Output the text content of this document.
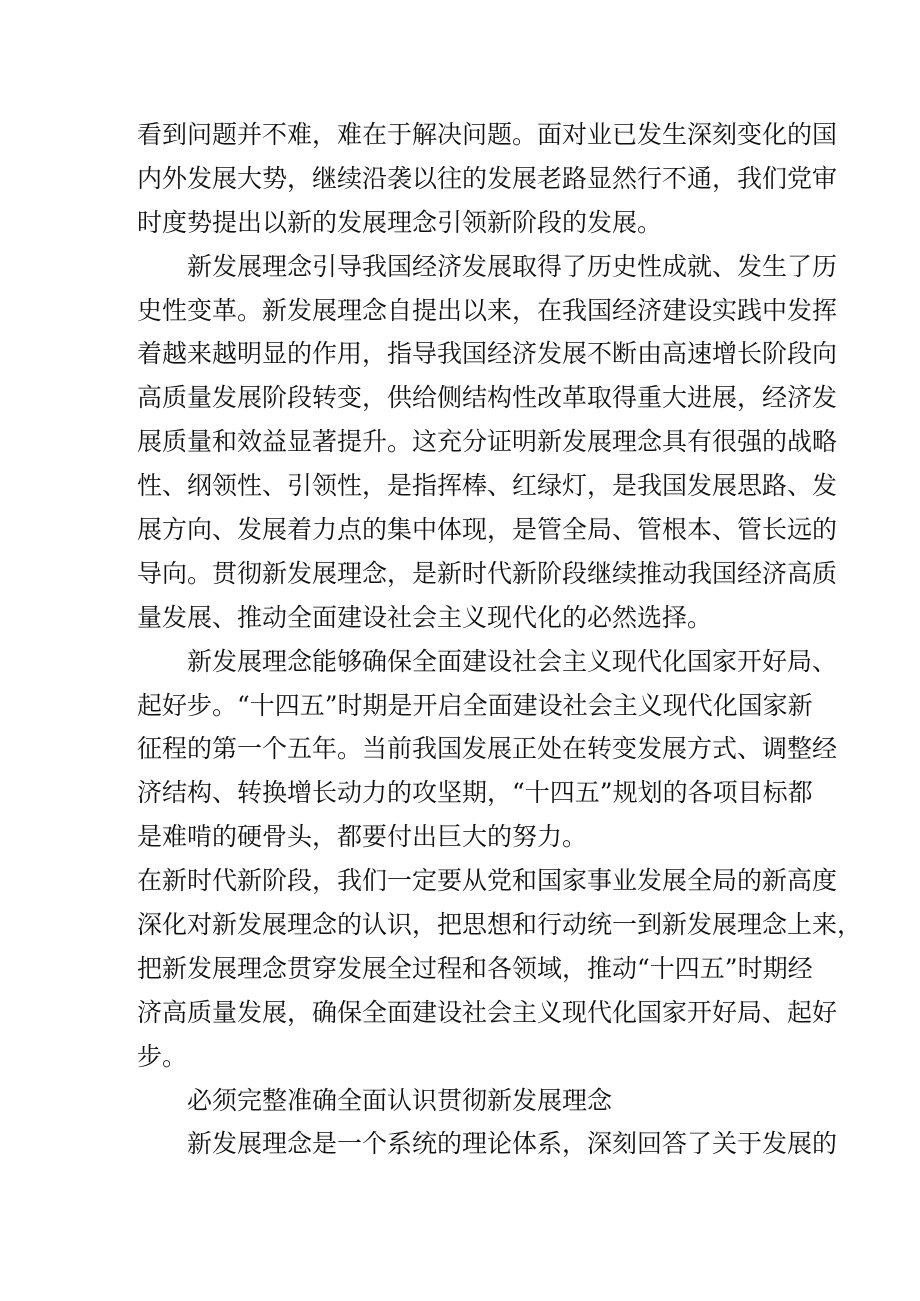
看到问题并不难，难在于解决问题。面对业已发生深刻变化的国
内外发展大势，继续沿袭以往的发展老路显然行不通，我们党审
时度势提出以新的发展理念引领新阶段的发展。
新发展理念引导我国经济发展取得了历史性成就、发生了历
史性变革。新发展理念自提出以来，在我国经济建设实践中发挥
着越来越明显的作用，指导我国经济发展不断由高速增长阶段向
高质量发展阶段转变，供给侧结构性改革取得重大进展，经济发
展质量和效益显著提升。这充分证明新发展理念具有很强的战略
性、纲领性、引领性，是指挥棒、红绿灯，是我国发展思路、发
展方向、发展着力点的集中体现，是管全局、管根本、管长远的
导向。贯彻新发展理念，是新时代新阶段继续推动我国经济高质
量发展、推动全面建设社会主义现代化的必然选择。
新发展理念能够确保全面建设社会主义现代化国家开好局、
起好步。“十四五”时期是开启全面建设社会主义现代化国家新
征程的第一个五年。当前我国发展正处在转变发展方式、调整经
济结构、转换增长动力的攻坚期，“十四五”规划的各项目标都
是难啃的硬骨头，都要付出巨大的努力。
在新时代新阶段，我们一定要从党和国家事业发展全局的新高度
深化对新发展理念的认识，把思想和行动统一到新发展理念上来，
把新发展理念贯穿发展全过程和各领域，推动“十四五”时期经
济高质量发展，确保全面建设社会主义现代化国家开好局、起好
步。
必须完整准确全面认识贯彻新发展理念
新发展理念是一个系统的理论体系，深刻回答了关于发展的
